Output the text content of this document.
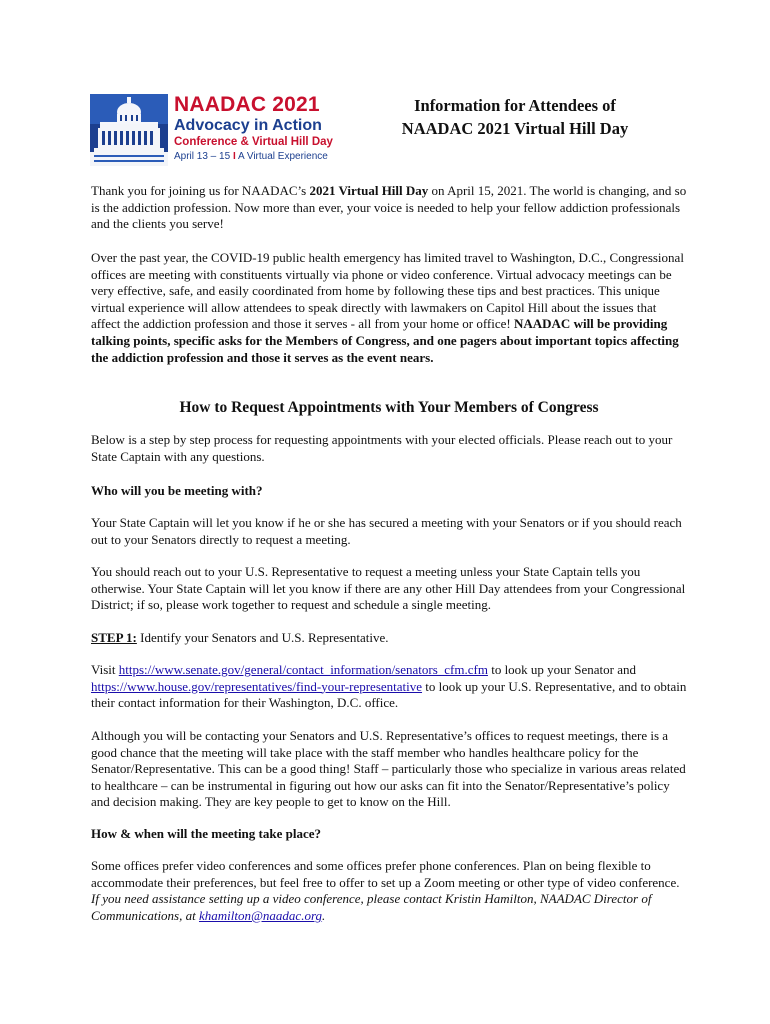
NAADAC 2021
Advocacy in Action
Conference & Virtual Hill Day
April 13 – 15 I A Virtual Experience
Information for Attendees of
NAADAC 2021 Virtual Hill Day
Thank you for joining us for NAADAC’s 2021 Virtual Hill Day on April 15, 2021. The world is changing, and so is the addiction profession. Now more than ever, your voice is needed to help your fellow addiction professionals and the clients you serve!
Over the past year, the COVID-19 public health emergency has limited travel to Washington, D.C., Congressional offices are meeting with constituents virtually via phone or video conference. Virtual advocacy meetings can be very effective, safe, and easily coordinated from home by following these tips and best practices. This unique virtual experience will allow attendees to speak directly with lawmakers on Capitol Hill about the issues that affect the addiction profession and those it serves - all from your home or office! NAADAC will be providing talking points, specific asks for the Members of Congress, and one pagers about important topics affecting the addiction profession and those it serves as the event nears.
How to Request Appointments with Your Members of Congress
Below is a step by step process for requesting appointments with your elected officials. Please reach out to your State Captain with any questions.
Who will you be meeting with?
Your State Captain will let you know if he or she has secured a meeting with your Senators or if you should reach out to your Senators directly to request a meeting.
You should reach out to your U.S. Representative to request a meeting unless your State Captain tells you otherwise. Your State Captain will let you know if there are any other Hill Day attendees from your Congressional District; if so, please work together to request and schedule a single meeting.
STEP 1: Identify your Senators and U.S. Representative.
Visit https://www.senate.gov/general/contact_information/senators_cfm.cfm to look up your Senator and https://www.house.gov/representatives/find-your-representative to look up your U.S. Representative, and to obtain their contact information for their Washington, D.C. office.
Although you will be contacting your Senators and U.S. Representative’s offices to request meetings, there is a good chance that the meeting will take place with the staff member who handles healthcare policy for the Senator/Representative. This can be a good thing! Staff – particularly those who specialize in various areas related to healthcare – can be instrumental in figuring out how our asks can fit into the Senator/Representative’s policy and decision making. They are key people to get to know on the Hill.
How & when will the meeting take place?
Some offices prefer video conferences and some offices prefer phone conferences. Plan on being flexible to accommodate their preferences, but feel free to offer to set up a Zoom meeting or other type of video conference. If you need assistance setting up a video conference, please contact Kristin Hamilton, NAADAC Director of Communications, at khamilton@naadac.org.
